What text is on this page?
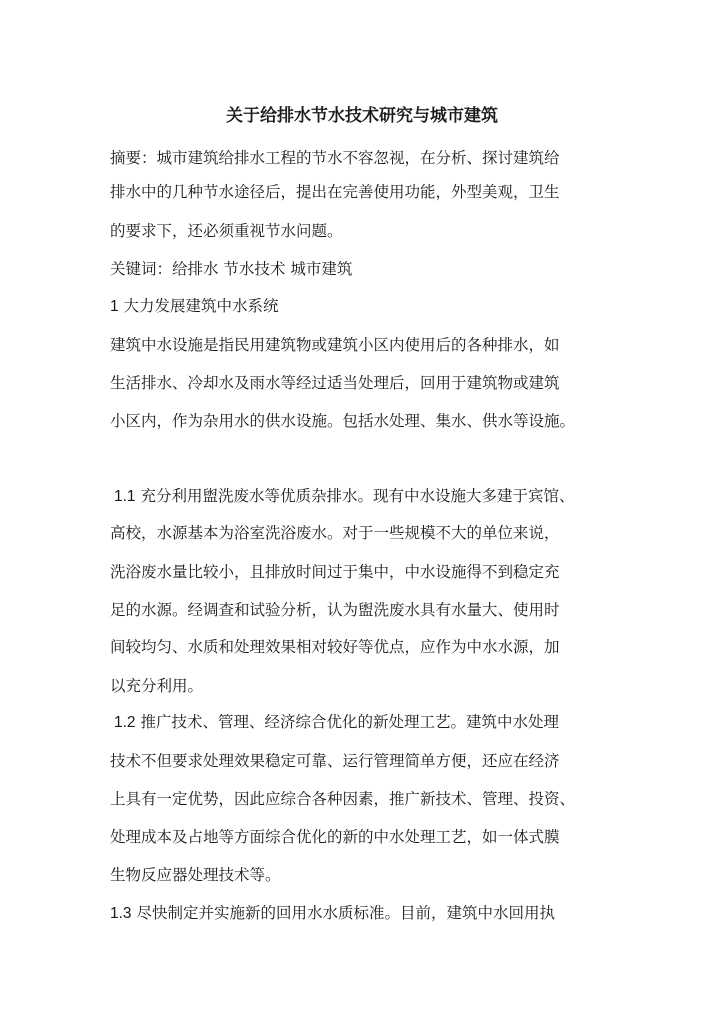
关于给排水节水技术研究与城市建筑

摘要：城市建筑给排水工程的节水不容忽视，在分析、探讨建筑给

排水中的几种节水途径后，提出在完善使用功能，外型美观，卫生

的要求下，还必须重视节水问题。

关键词：给排水 节水技术 城市建筑

1 大力发展建筑中水系统

建筑中水设施是指民用建筑物或建筑小区内使用后的各种排水，如

生活排水、冷却水及雨水等经过适当处理后，回用于建筑物或建筑

小区内，作为杂用水的供水设施。包括水处理、集水、供水等设施。

1.1 充分利用盥洗废水等优质杂排水。现有中水设施大多建于宾馆、

高校，水源基本为浴室洗浴废水。对于一些规模不大的单位来说，

洗浴废水量比较小，且排放时间过于集中，中水设施得不到稳定充

足的水源。经调查和试验分析，认为盥洗废水具有水量大、使用时

间较均匀、水质和处理效果相对较好等优点，应作为中水水源，加

以充分利用。

1.2 推广技术、管理、经济综合优化的新处理工艺。建筑中水处理

技术不但要求处理效果稳定可靠、运行管理简单方便，还应在经济

上具有一定优势，因此应综合各种因素，推广新技术、管理、投资、

处理成本及占地等方面综合优化的新的中水处理工艺，如一体式膜

生物反应器处理技术等。

1.3 尽快制定并实施新的回用水水质标准。目前，建筑中水回用执
